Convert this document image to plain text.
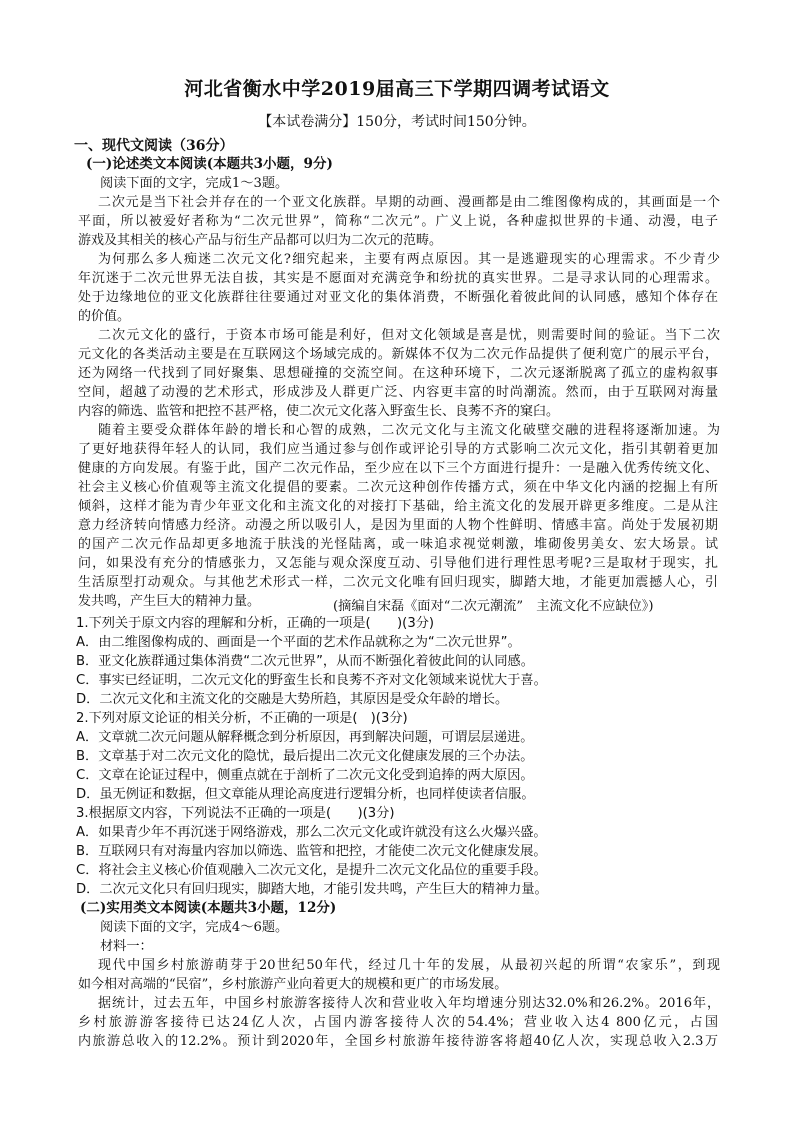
河北省衡水中学2019届高三下学期四调考试语文
【本试卷满分】150分，考试时间150分钟。
一、现代文阅读（36分）
(一)论述类文本阅读(本题共3小题，9分)
阅读下面的文字，完成1～3题。
二次元是当下社会并存在的一个亚文化族群。早期的动画、漫画都是由二维图像构成的，其画面是一个
平面，所以被爱好者称为“二次元世界”，简称“二次元”。广义上说，各种虚拟世界的卡通、动漫，电子
游戏及其相关的核心产品与衍生产品都可以归为二次元的范畴。
为何那么多人痴迷二次元文化?细究起来，主要有两点原因。其一是逃避现实的心理需求。不少青少
年沉迷于二次元世界无法自拔，其实是不愿面对充满竞争和纷扰的真实世界。二是寻求认同的心理需求。
处于边缘地位的亚文化族群往往要通过对亚文化的集体消费，不断强化着彼此间的认同感，感知个体存在
的价值。
二次元文化的盛行，于资本市场可能是利好，但对文化领域是喜是忧，则需要时间的验证。当下二次
元文化的各类活动主要是在互联网这个场域完成的。新媒体不仅为二次元作品提供了便利宽广的展示平台，
还为网络一代找到了同好聚集、思想碰撞的交流空间。在这种环境下，二次元逐渐脱离了孤立的虚构叙事
空间，超越了动漫的艺术形式，形成涉及人群更广泛、内容更丰富的时尚潮流。然而，由于互联网对海量
内容的筛选、监管和把控不甚严格，使二次元文化落入野蛮生长、良莠不齐的窠臼。
随着主要受众群体年龄的增长和心智的成熟，二次元文化与主流文化破壁交融的进程将逐渐加速。为
了更好地获得年轻人的认同，我们应当通过参与创作或评论引导的方式影响二次元文化，指引其朝着更加
健康的方向发展。有鉴于此，国产二次元作品，至少应在以下三个方面进行提升：一是融入优秀传统文化、
社会主义核心价值观等主流文化提倡的要素。二次元这种创作传播方式，须在中华文化内涵的挖掘上有所
倾斜，这样才能为青少年亚文化和主流文化的对接打下基础，给主流文化的发展开辟更多维度。二是从注
意力经济转向情感力经济。动漫之所以吸引人，是因为里面的人物个性鲜明、情感丰富。尚处于发展初期
的国产二次元作品却更多地流于肤浅的光怪陆离，或一味追求视觉刺激，堆砌俊男美女、宏大场景。试
问，如果没有充分的情感张力，又怎能与观众深度互动、引导他们进行理性思考呢?三是取材于现实，扎
生活原型打动观众。与其他艺术形式一样，二次元文化唯有回归现实，脚踏大地，才能更加震撼人心，引
发共鸣，产生巨大的精神力量。	(摘编自宋磊《面对“二次元潮流”　主流文化不应缺位》)
1.下列关于原文内容的理解和分析，正确的一项是(　　)(3分)
A．由二维图像构成的、画面是一个平面的艺术作品就称之为“二次元世界”。
B．亚文化族群通过集体消费“二次元世界”，从而不断强化着彼此间的认同感。
C．事实已经证明，二次元文化的野蛮生长和良莠不齐对文化领域来说忧大于喜。
D．二次元文化和主流文化的交融是大势所趋，其原因是受众年龄的增长。
2.下列对原文论证的相关分析，不正确的一项是(　)(3分)
A．文章就二次元问题从解释概念到分析原因，再到解决问题，可谓层层递进。
B．文章基于对二次元文化的隐忧，最后提出二次元文化健康发展的三个办法。
C．文章在论证过程中，侧重点就在于剖析了二次元文化受到追捧的两大原因。
D．虽无例证和数据，但文章能从理论高度进行逻辑分析，也同样使读者信服。
3.根据原文内容，下列说法不正确的一项是(　　)(3分)
A．如果青少年不再沉迷于网络游戏，那么二次元文化或许就没有这么火爆兴盛。
B．互联网只有对海量内容加以筛选、监管和把控，才能使二次元文化健康发展。
C．将社会主义核心价值观融入二次元文化，是提升二次元文化品位的重要手段。
D．二次元文化只有回归现实，脚踏大地，才能引发共鸣，产生巨大的精神力量。
(二)实用类文本阅读(本题共3小题，12分)
阅读下面的文字，完成4～6题。
材料一：
现代中国乡村旅游萌芽于20世纪50年代，经过几十年的发展，从最初兴起的所谓“农家乐”，到现
如今相对高端的“民宿”，乡村旅游产业向着更大的规模和更广的市场发展。
据统计，过去五年，中国乡村旅游客接待人次和营业收入年均增速分别达32.0%和26.2%。2016年，
乡村旅游游客接待已达24亿人次，占国内游客接待人次的54.4%；营业收入达4 800亿元，占国
内旅游总收入的12.2%。预计到2020年，全国乡村旅游年接待游客将超40亿人次，实现总收入2.3万
